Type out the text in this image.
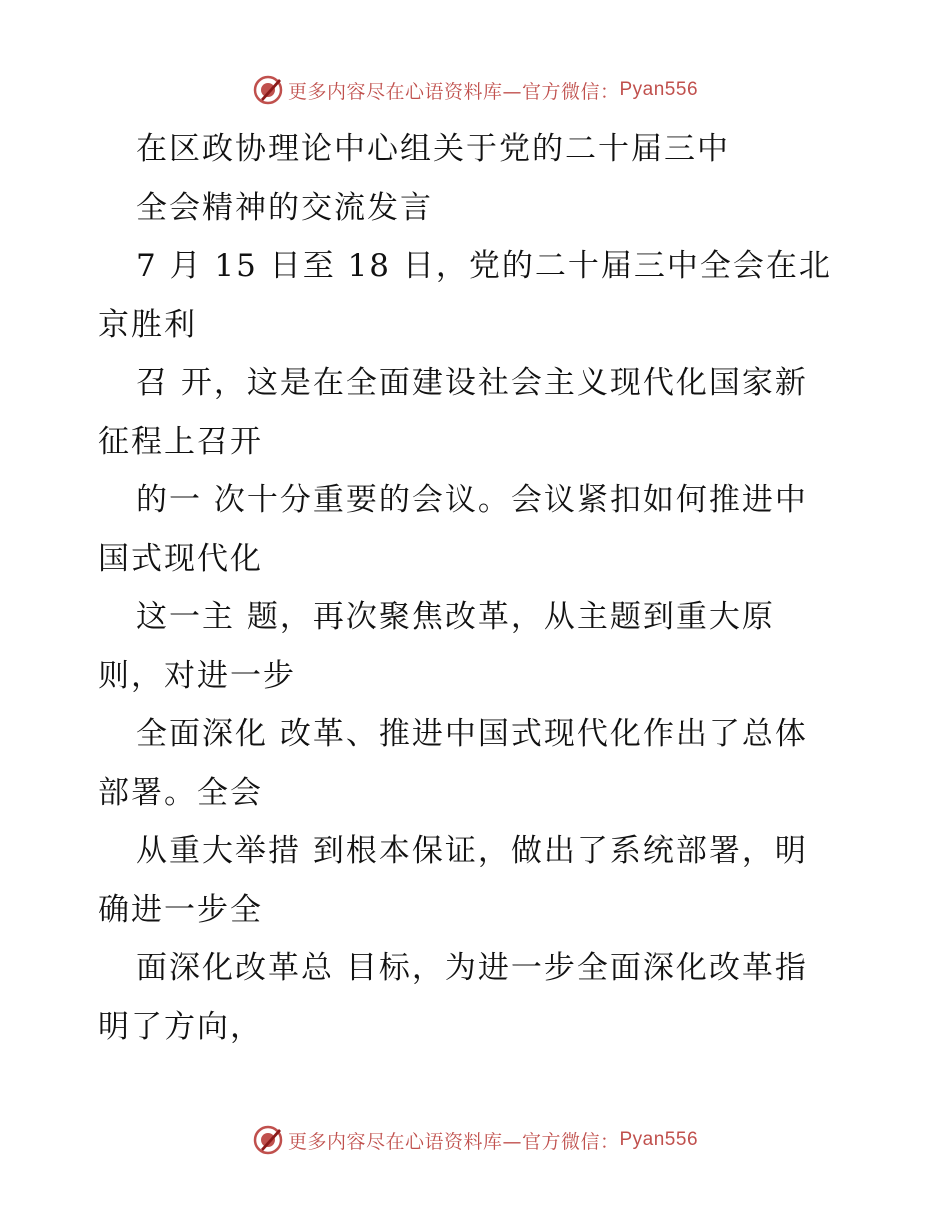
更多内容尽在心语资料库—官方微信： Pyan556
在区政协理论中心组关于党的二十届三中
全会精神的交流发言
7 月 15 日至 18 日，党的二十届三中全会在北
京胜利
召 开，这是在全面建设社会主义现代化国家新
征程上召开
的一 次十分重要的会议。会议紧扣如何推进中
国式现代化
这一主 题，再次聚焦改革，从主题到重大原
则，对进一步
全面深化 改革、推进中国式现代化作出了总体
部署。全会
从重大举措 到根本保证，做出了系统部署，明
确进一步全
面深化改革总 目标，为进一步全面深化改革指
明了方向，
更多内容尽在心语资料库—官方微信： Pyan556
